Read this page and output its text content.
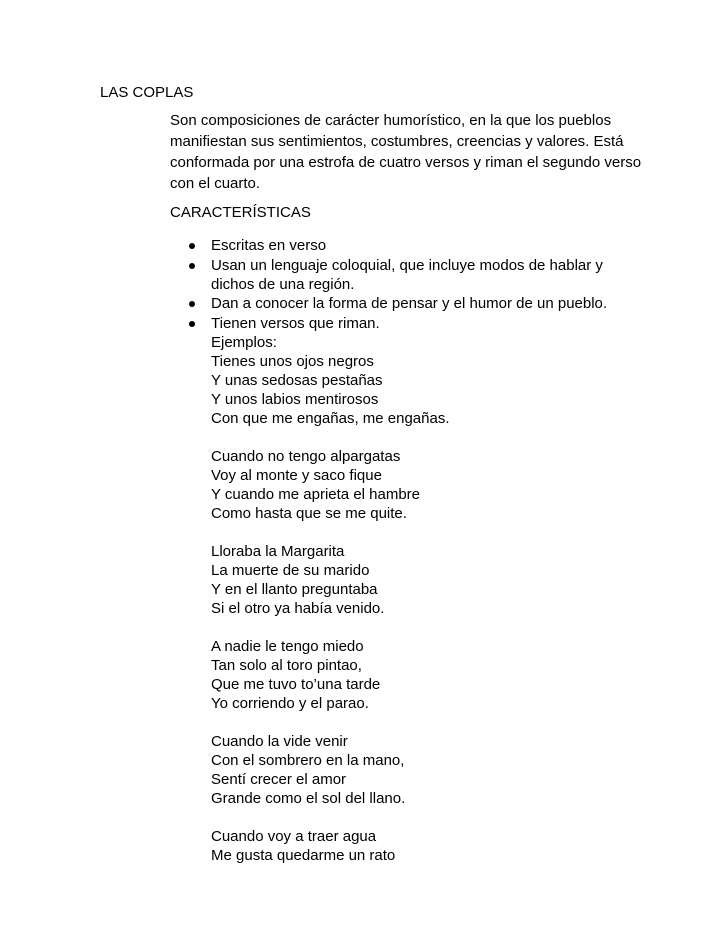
LAS COPLAS
Son composiciones de carácter humorístico, en la que los pueblos
manifiestan sus sentimientos, costumbres, creencias y valores. Está
conformada por una estrofa de cuatro versos y riman el segundo verso
con el cuarto.
CARACTERÍSTICAS
Escritas en verso
Usan un lenguaje coloquial, que incluye modos de hablar y
dichos de una región.
Dan a conocer la forma de pensar y el humor de un pueblo.
Tienen versos que riman.
Ejemplos:
Tienes unos ojos negros
Y unas sedosas pestañas
Y unos labios mentirosos
Con que me engañas, me engañas.
Cuando no tengo alpargatas
Voy al monte y saco fique
Y cuando me aprieta el hambre
Como hasta que se me quite.
Lloraba la Margarita
La muerte de su marido
Y en el llanto preguntaba
Si el otro ya había venido.
A nadie le tengo miedo
Tan solo al toro pintao,
Que me tuvo to’una tarde
Yo corriendo y el parao.
Cuando la vide venir
Con el sombrero en la mano,
Sentí crecer el amor
Grande como el sol del llano.
Cuando voy a traer agua
Me gusta quedarme un rato
